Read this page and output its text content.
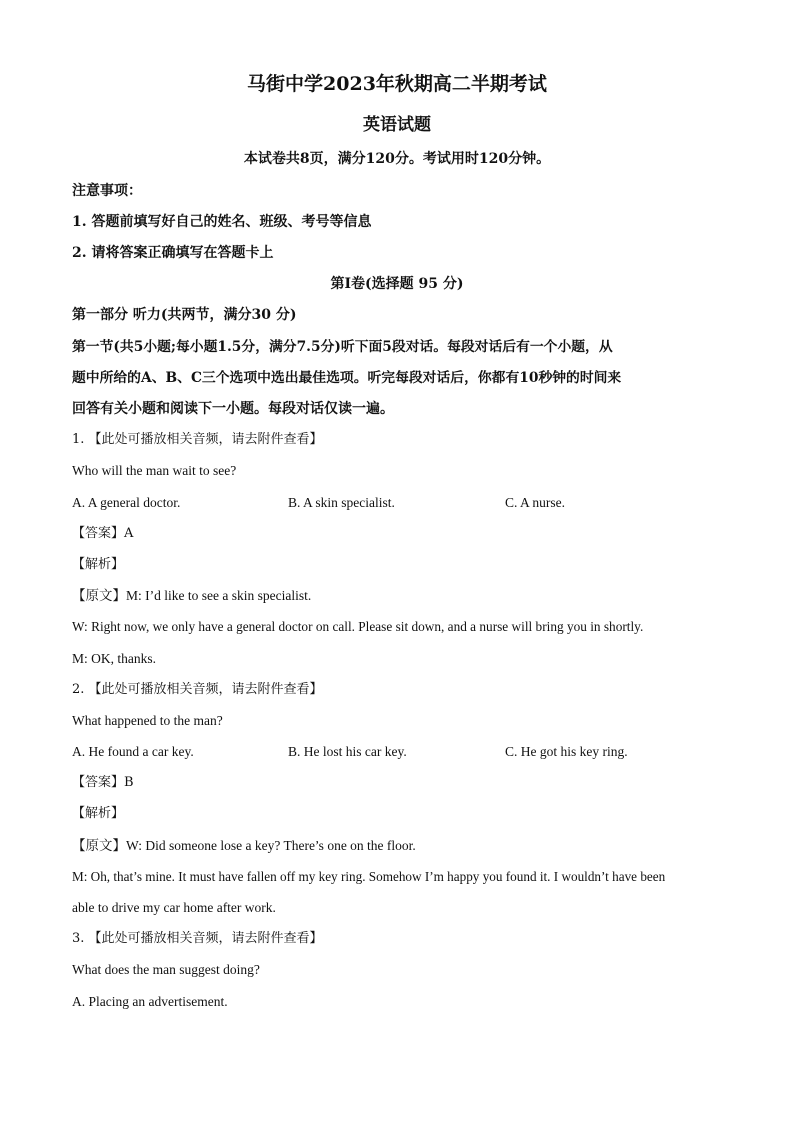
马街中学2023年秋期高二半期考试
英语试题
本试卷共8页，满分120分。考试用时120分钟。
注意事项：
1. 答题前填写好自己的姓名、班级、考号等信息
2. 请将答案正确填写在答题卡上
第I卷(选择题 95 分)
第一部分 听力(共两节，满分30 分)
第一节(共5小题;每小题1.5分，满分7.5分)听下面5段对话。每段对话后有一个小题，从
题中所给的A、B、C三个选项中选出最佳选项。听完每段对话后，你都有10秒钟的时间来
回答有关小题和阅读下一小题。每段对话仅读一遍。
1. 【此处可播放相关音频，请去附件查看】
Who will the man wait to see?
A. A general doctor.	B. A skin specialist.	C. A nurse.
【答案】A
【解析】
【原文】M: I’d like to see a skin specialist.
W: Right now, we only have a general doctor on call. Please sit down, and a nurse will bring you in shortly.
M: OK, thanks.
2. 【此处可播放相关音频，请去附件查看】
What happened to the man?
A. He found a car key.	B. He lost his car key.	C. He got his key ring.
【答案】B
【解析】
【原文】W: Did someone lose a key? There’s one on the floor.
M: Oh, that’s mine. It must have fallen off my key ring. Somehow I’m happy you found it. I wouldn’t have been
able to drive my car home after work.
3. 【此处可播放相关音频，请去附件查看】
What does the man suggest doing?
A. Placing an advertisement.
